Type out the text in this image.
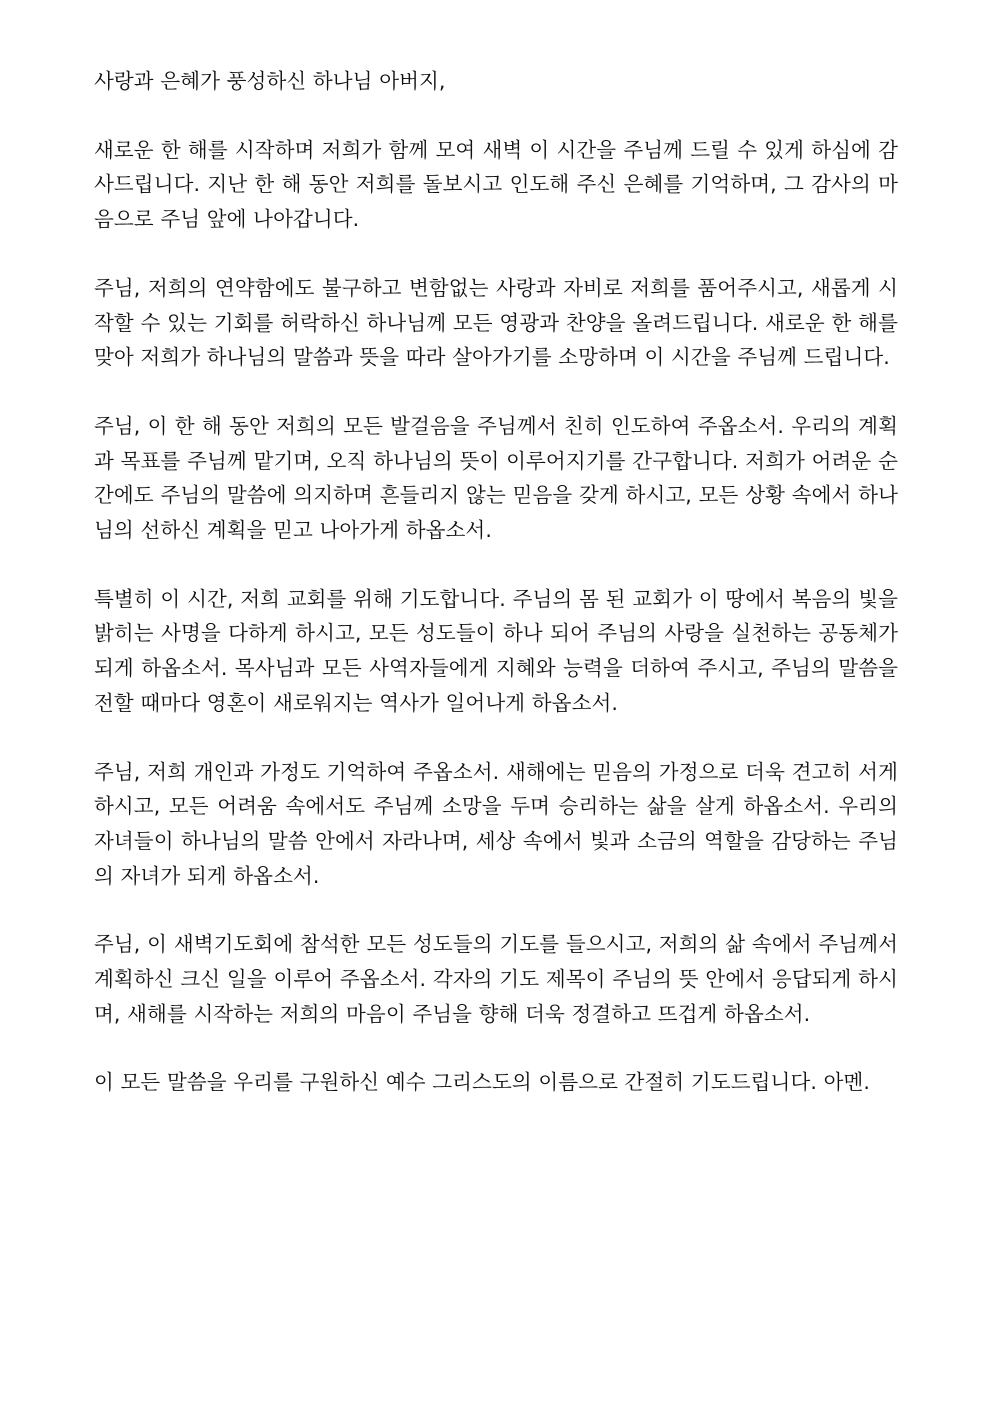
사랑과 은혜가 풍성하신 하나님 아버지,

새로운 한 해를 시작하며 저희가 함께 모여 새벽 이 시간을 주님께 드릴 수 있게 하심에 감사드립니다. 지난 한 해 동안 저희를 돌보시고 인도해 주신 은혜를 기억하며, 그 감사의 마음으로 주님 앞에 나아갑니다.

주님, 저희의 연약함에도 불구하고 변함없는 사랑과 자비로 저희를 품어주시고, 새롭게 시작할 수 있는 기회를 허락하신 하나님께 모든 영광과 찬양을 올려드립니다. 새로운 한 해를 맞아 저희가 하나님의 말씀과 뜻을 따라 살아가기를 소망하며 이 시간을 주님께 드립니다.

주님, 이 한 해 동안 저희의 모든 발걸음을 주님께서 친히 인도하여 주옵소서. 우리의 계획과 목표를 주님께 맡기며, 오직 하나님의 뜻이 이루어지기를 간구합니다. 저희가 어려운 순간에도 주님의 말씀에 의지하며 흔들리지 않는 믿음을 갖게 하시고, 모든 상황 속에서 하나님의 선하신 계획을 믿고 나아가게 하옵소서.

특별히 이 시간, 저희 교회를 위해 기도합니다. 주님의 몸 된 교회가 이 땅에서 복음의 빛을 밝히는 사명을 다하게 하시고, 모든 성도들이 하나 되어 주님의 사랑을 실천하는 공동체가 되게 하옵소서. 목사님과 모든 사역자들에게 지혜와 능력을 더하여 주시고, 주님의 말씀을 전할 때마다 영혼이 새로워지는 역사가 일어나게 하옵소서.

주님, 저희 개인과 가정도 기억하여 주옵소서. 새해에는 믿음의 가정으로 더욱 견고히 서게 하시고, 모든 어려움 속에서도 주님께 소망을 두며 승리하는 삶을 살게 하옵소서. 우리의 자녀들이 하나님의 말씀 안에서 자라나며, 세상 속에서 빛과 소금의 역할을 감당하는 주님의 자녀가 되게 하옵소서.

주님, 이 새벽기도회에 참석한 모든 성도들의 기도를 들으시고, 저희의 삶 속에서 주님께서 계획하신 크신 일을 이루어 주옵소서. 각자의 기도 제목이 주님의 뜻 안에서 응답되게 하시며, 새해를 시작하는 저희의 마음이 주님을 향해 더욱 정결하고 뜨겁게 하옵소서.

이 모든 말씀을 우리를 구원하신 예수 그리스도의 이름으로 간절히 기도드립니다. 아멘.
